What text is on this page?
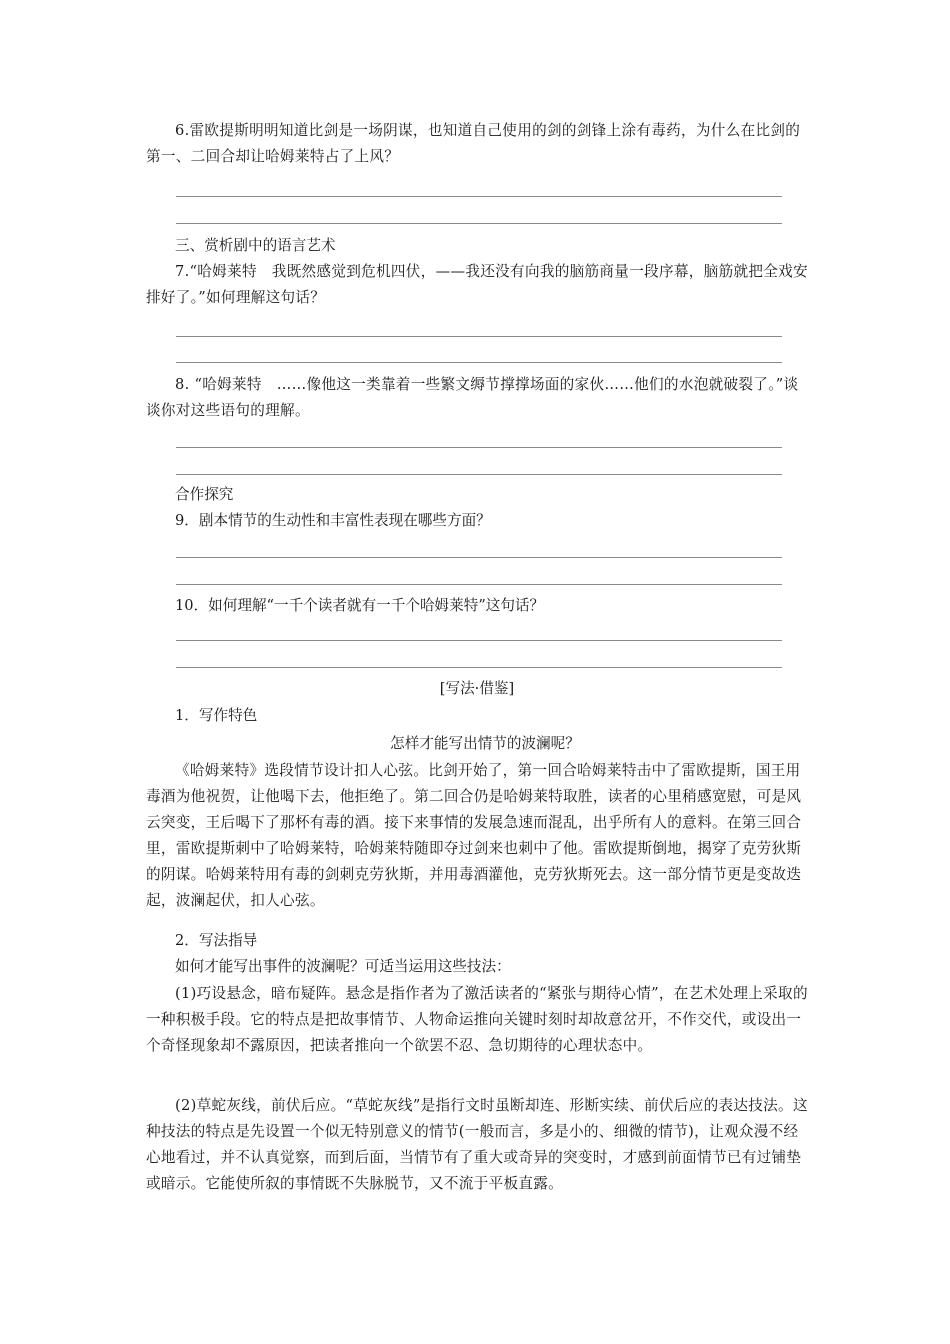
6.雷欧提斯明明知道比剑是一场阴谋，也知道自己使用的剑的剑锋上涂有毒药，为什么在比剑的第一、二回合却让哈姆莱特占了上风？
三、赏析剧中的语言艺术
7.“哈姆莱特　我既然感觉到危机四伏，——我还没有向我的脑筋商量一段序幕，脑筋就把全戏安排好了。”如何理解这句话？
8. “哈姆莱特　……像他这一类靠着一些繁文缛节撑撑场面的家伙……他们的水泡就破裂了。”谈谈你对这些语句的理解。
合作探究
9．剧本情节的生动性和丰富性表现在哪些方面？
10．如何理解“一千个读者就有一千个哈姆莱特”这句话？
[写法·借鉴]
1．写作特色
怎样才能写出情节的波澜呢？
《哈姆莱特》选段情节设计扣人心弦。比剑开始了，第一回合哈姆莱特击中了雷欧提斯，国王用毒酒为他祝贺，让他喝下去，他拒绝了。第二回合仍是哈姆莱特取胜，读者的心里稍感宽慰，可是风云突变，王后喝下了那杯有毒的酒。接下来事情的发展急速而混乱，出乎所有人的意料。在第三回合里，雷欧提斯刺中了哈姆莱特，哈姆莱特随即夺过剑来也刺中了他。雷欧提斯倒地，揭穿了克劳狄斯的阴谋。哈姆莱特用有毒的剑刺克劳狄斯，并用毒酒灌他，克劳狄斯死去。这一部分情节更是变故迭起，波澜起伏，扣人心弦。
2．写法指导
如何才能写出事件的波澜呢？可适当运用这些技法：
(1)巧设悬念，暗布疑阵。悬念是指作者为了激活读者的“紧张与期待心情”，在艺术处理上采取的一种积极手段。它的特点是把故事情节、人物命运推向关键时刻时却故意岔开，不作交代，或设出一个奇怪现象却不露原因，把读者推向一个欲罢不忍、急切期待的心理状态中。
(2)草蛇灰线，前伏后应。“草蛇灰线”是指行文时虽断却连、形断实续、前伏后应的表达技法。这种技法的特点是先设置一个似无特别意义的情节(一般而言，多是小的、细微的情节)，让观众漫不经心地看过，并不认真觉察，而到后面，当情节有了重大或奇异的突变时，才感到前面情节已有过铺垫或暗示。它能使所叙的事情既不失脉脱节，又不流于平板直露。
